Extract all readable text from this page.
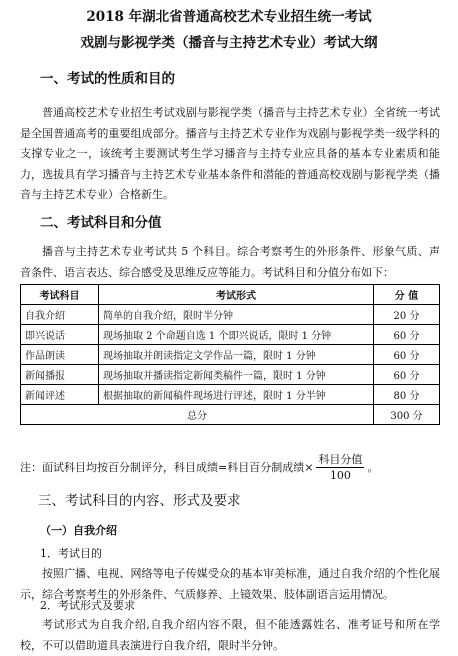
2018 年湖北省普通高校艺术专业招生统一考试
戏剧与影视学类（播音与主持艺术专业）考试大纲
一、考试的性质和目的

普通高校艺术专业招生考试戏剧与影视学类（播音与主持艺术专业）全省统一考试是全国普通高考的重要组成部分。播音与主持艺术专业作为戏剧与影视学类一级学科的支撑专业之一，该统考主要测试考生学习播音与主持专业应具备的基本专业素质和能力，选拔具有学习播音与主持艺术专业基本条件和潜能的普通高校戏剧与影视学类（播音与主持艺术专业）合格新生。

二、考试科目和分值

播音与主持艺术专业考试共 5 个科目。综合考察考生的外形条件、形象气质、声音条件、语言表达、综合感受及思维反应等能力。考试科目和分值分布如下：

考试科目	考试形式	分 值
自我介绍	简单的自我介绍，限时半分钟	20 分
即兴说话	现场抽取 2 个命题自选 1 个即兴说话，限时 1 分钟	60 分
作品朗读	现场抽取并朗读指定文学作品一篇，限时 1 分钟	60 分
新闻播报	现场抽取并播读指定新闻类稿件一篇，限时 1 分钟	60 分
新闻评述	根据抽取的新闻稿件现场进行评述，限时 1 分半钟	80 分
总分		300 分
注：面试科目均按百分制评分，科目成绩=科目百分制成绩× $\frac{\text{科目分值}}{100}$ 。
三、考试科目的内容、形式及要求
（一）自我介绍
1．考试目的

按照广播、电视、网络等电子传媒受众的基本审美标准，通过自我介绍的个性化展示，综合考察考生的外形条件、气质修养、上镜效果、肢体副语言运用情况。

2．考试形式及要求

考试形式为自我介绍,自我介绍内容不限，但不能透露姓名、准考证号和所在学校，不可以借助道具表演进行自我介绍，限时半分钟。
